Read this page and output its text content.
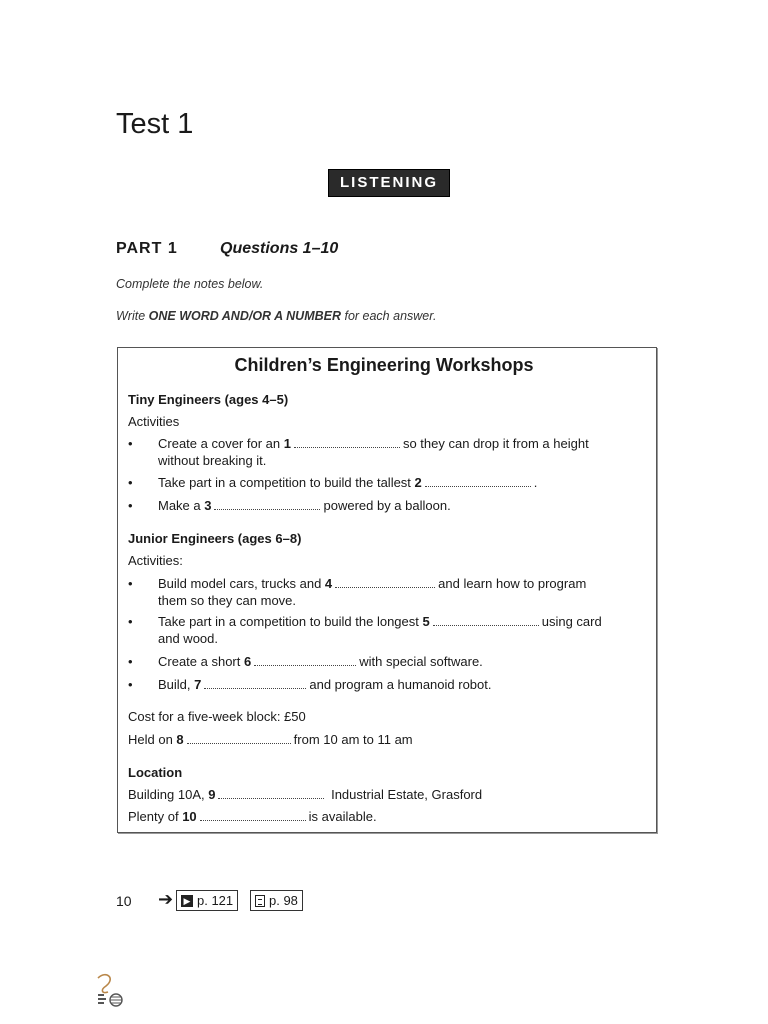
Test 1
LISTENING
PART 1	Questions 1–10
Complete the notes below.
Write ONE WORD AND/OR A NUMBER for each answer.
Children’s Engineering Workshops
Tiny Engineers (ages 4–5)
Activities
• Create a cover for an 1	so they can drop it from a height
without breaking it.
• Take part in a competition to build the tallest 2	.
• Make a 3	powered by a balloon.
Junior Engineers (ages 6–8)
Activities:
• Build model cars, trucks and 4	and learn how to program
them so they can move.
• Take part in a competition to build the longest 5	using card
and wood.
• Create a short 6	with special software.
• Build, 7	and program a humanoid robot.
Cost for a five-week block: £50
Held on 8	from 10 am to 11 am
Location
Building 10A, 9	Industrial Estate, Grasford
Plenty of 10	is available.
10 ➔ ▶ p. 121	p. 98
